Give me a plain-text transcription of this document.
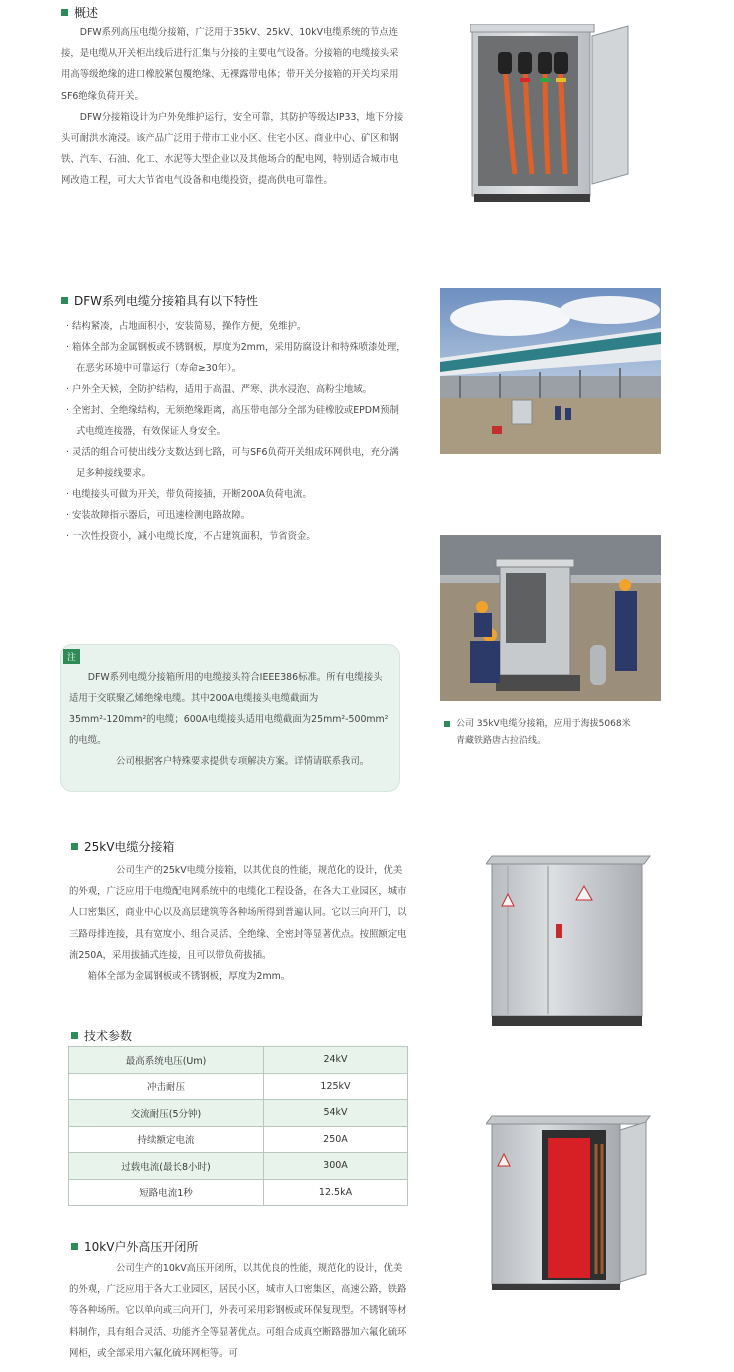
概述

DFW系列高压电缆分接箱，广泛用于35kV、25kV、10kV电缆系统的节点连接，是电缆从开关柜出线后进行汇集与分接的主要电气设备。分接箱的电缆接头采用高等级绝缘的进口橡胶紧包覆绝缘、无裸露带电体；带开关分接箱的开关均采用SF6绝缘负荷开关。

DFW分接箱设计为户外免维护运行，安全可靠，其防护等级达IP33，地下分接头可耐洪水淹浸。该产品广泛用于带市工业小区、住宅小区、商业中心、矿区和钢铁、汽车、石油、化工、水泥等大型企业以及其他场合的配电网，特别适合城市电网改造工程，可大大节省电气设备和电缆投资，提高供电可靠性。

DFW系列电缆分接箱具有以下特性
· 结构紧凑，占地面积小，安装简易，操作方便，免维护。
· 箱体全部为金属钢板或不锈钢板，厚度为2mm，采用防腐设计和特殊喷漆处理，在恶劣环境中可靠运行（寿命≥30年）。
· 户外全天候，全防护结构，适用于高温、严寒、洪水浸泡、高粉尘地域。
· 全密封、全绝缘结构，无须绝缘距离，高压带电部分全部为硅橡胶或EPDM预制式电缆连接器，有效保证人身安全。
· 灵活的组合可使出线分支数达到七路，可与SF6负荷开关组成环网供电，充分满足多种接线要求。
· 电缆接头可做为开关，带负荷接插，开断200A负荷电流。
· 安装故障指示器后，可迅速检测电路故障。
· 一次性投资小，减小电缆长度，不占建筑面积，节省资金。
公司 35kV电缆分接箱，应用于海拔5068米
青藏铁路唐古拉沿线。
注

DFW系列电缆分接箱所用的电缆接头符合IEEE386标准。所有电缆接头适用于交联聚乙烯绝缘电缆。其中200A电缆接头电缆截面为35mm²-120mm²的电缆；600A电缆接头适用电缆截面为25mm²-500mm²的电缆。

公司根据客户特殊要求提供专项解决方案。详情请联系我司。

25kV电缆分接箱

公司生产的25kV电缆分接箱，以其优良的性能，规范化的设计，优美的外观，广泛应用于电缆配电网系统中的电缆化工程设备，在各大工业园区，城市人口密集区，商业中心以及高层建筑等各种场所得到普遍认同。它以三向开门，以三路母排连接，具有宽度小、组合灵活、全绝缘、全密封等显著优点。按照额定电流250A，采用拔插式连接，且可以带负荷拔插。

箱体全部为金属钢板或不锈钢板，厚度为2mm。

技术参数
最高系统电压(Um)	24kV
冲击耐压	125kV
交流耐压(5分钟)	54kV
持续额定电流	250A
过载电流(最长8小时)	300A
短路电流1秒	12.5kA
10kV户外高压开闭所

公司生产的10kV高压开闭所，以其优良的性能，规范化的设计，优美的外观，广泛应用于各大工业园区，居民小区，城市人口密集区，高速公路，铁路等各种场所。它以单向或三向开门，外表可采用彩钢板或环保复现型。不锈钢等材料制作，具有组合灵活、功能齐全等显著优点。可组合成真空断路器加六氟化硫环网柜，或全部采用六氟化硫环网柜等。可
